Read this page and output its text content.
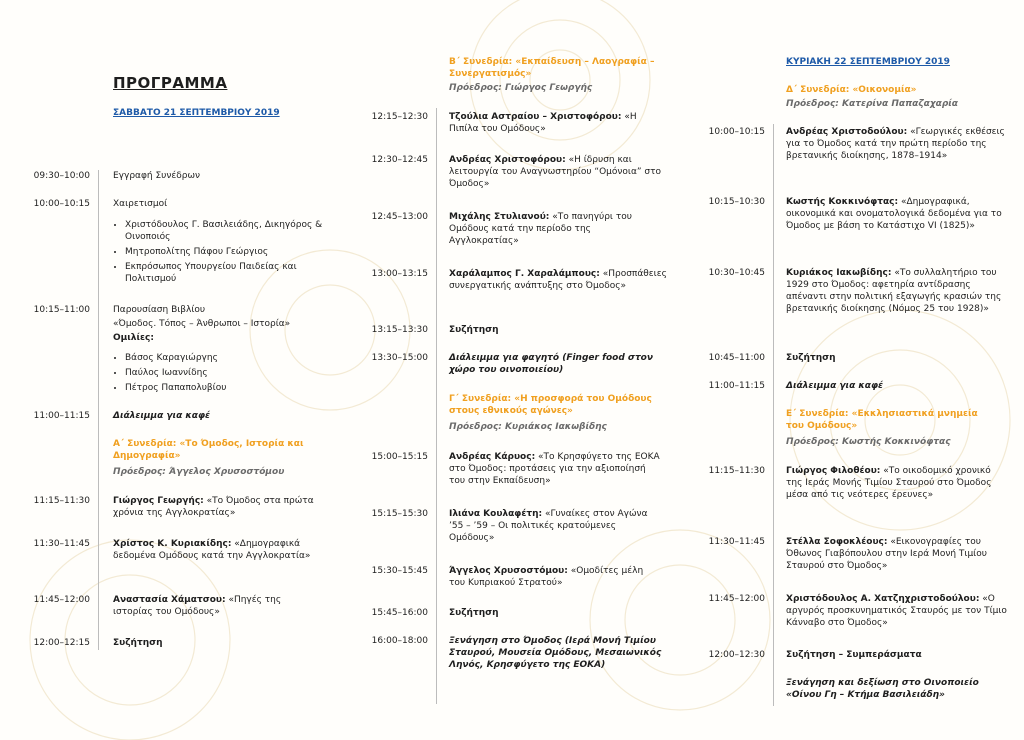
ΠΡΟΓΡΑΜΜΑ
ΣΑΒΒΑΤΟ 21 ΣΕΠΤΕΜΒΡΙΟΥ 2019
09:30–10:00	Εγγραφή Συνέδρων
10:00–10:15	Χαιρετισμοί
• Χριστόδουλος Γ. Βασιλειάδης, Δικηγόρος & Οινοποιός
• Μητροπολίτης Πάφου Γεώργιος
• Εκπρόσωπος Υπουργείου Παιδείας και Πολιτισμού
10:15–11:00	Παρουσίαση Βιβλίου
«Όμοδος. Τόπος – Άνθρωποι – Ιστορία»
Ομιλίες:
• Βάσος Καραγιώργης
• Παύλος Ιωαννίδης
• Πέτρος Παπαπολυβίου
11:00–11:15	Διάλειμμα για καφέ
Α΄ Συνεδρία: «Το Όμοδος, Ιστορία και Δημογραφία»
Πρόεδρος: Άγγελος Χρυσοστόμου
11:15–11:30	Γιώργος Γεωργής: «Το Όμοδος στα πρώτα χρόνια της Αγγλοκρατίας»
11:30–11:45	Χρίστος Κ. Κυριακίδης: «Δημογραφικά δεδομένα Ομόδους κατά την Αγγλοκρατία»
11:45–12:00	Αναστασία Χάματσου: «Πηγές της ιστορίας του Ομόδους»
12:00–12:15	Συζήτηση
Β΄ Συνεδρία: «Εκπαίδευση – Λαογραφία – Συνεργατισμός»
Πρόεδρος: Γιώργος Γεωργής
12:15–12:30 Τζούλια Αστραίου – Χριστοφόρου: «Η Πιπίλα του Ομόδους»
12:30–12:45 Ανδρέας Χριστοφόρου: «Η ίδρυση και λειτουργία του Αναγνωστηρίου “Ομόνοια” στο Όμοδος»
12:45–13:00 Μιχάλης Στυλιανού: «Το πανηγύρι του Ομόδους κατά την περίοδο της Αγγλοκρατίας»
13:00–13:15 Χαράλαμπος Γ. Χαραλάμπους: «Προσπάθειες συνεργατικής ανάπτυξης στο Όμοδος»
13:15–13:30 Συζήτηση
13:30–15:00 Διάλειμμα για φαγητό (Finger food στον χώρο του οινοποιείου)
Γ΄ Συνεδρία: «Η προσφορά του Ομόδους στους εθνικούς αγώνες»
Πρόεδρος: Κυριάκος Ιακωβίδης
15:00–15:15 Ανδρέας Κάρυος: «Το Κρησφύγετο της ΕΟΚΑ στο Όμοδος: προτάσεις για την αξιοποίησή του στην Εκπαίδευση»
15:15–15:30 Ιλιάνα Κουλαφέτη: «Γυναίκες στον Αγώνα ’55 – ’59 – Οι πολιτικές κρατούμενες Ομόδους»
15:30–15:45 Άγγελος Χρυσοστόμου: «Ομοδίτες μέλη του Κυπριακού Στρατού»
15:45–16:00 Συζήτηση
16:00–18:00 Ξενάγηση στο Όμοδος (Ιερά Μονή Τιμίου Σταυρού, Μουσεία Ομόδους, Μεσαιωνικός Ληνός, Κρησφύγετο της ΕΟΚΑ)
ΚΥΡΙΑΚΗ 22 ΣΕΠΤΕΜΒΡΙΟΥ 2019
Δ΄ Συνεδρία: «Οικονομία»
Πρόεδρος: Κατερίνα Παπαζαχαρία
10:00–10:15 Ανδρέας Χριστοδούλου: «Γεωργικές εκθέσεις για το Όμοδος κατά την πρώτη περίοδο της βρετανικής διοίκησης, 1878–1914»
10:15–10:30 Κωστής Κοκκινόφτας: «Δημογραφικά, οικονομικά και ονοματολογικά δεδομένα για το Όμοδος με βάση το Κατάστιχο VI (1825)»
10:30–10:45 Κυριάκος Ιακωβίδης: «Το συλλαλητήριο του 1929 στο Όμοδος: αφετηρία αντίδρασης απέναντι στην πολιτική εξαγωγής κρασιών της βρετανικής διοίκησης (Νόμος 25 του 1928)»
10:45–11:00 Συζήτηση
11:00–11:15 Διάλειμμα για καφέ
Ε΄ Συνεδρία: «Εκκλησιαστικά μνημεία του Ομόδους»
Πρόεδρος: Κωστής Κοκκινόφτας
11:15–11:30 Γιώργος Φιλοθέου: «Το οικοδομικό χρονικό της Ιεράς Μονής Τιμίου Σταυρού στο Όμοδος μέσα από τις νεότερες έρευνες»
11:30–11:45 Στέλλα Σοφοκλέους: «Εικονογραφίες του Όθωνος Γιαβόπουλου στην Ιερά Μονή Τιμίου Σταυρού στο Όμοδος»
11:45–12:00 Χριστόδουλος Α. Χατζηχριστοδούλου: «Ο αργυρός προσκυνηματικός Σταυρός με τον Τίμιο Κάνναβο στο Όμοδος»
12:00–12:30 Συζήτηση – Συμπεράσματα
Ξενάγηση και δεξίωση στο Οινοποιείο «Οίνου Γη – Κτήμα Βασιλειάδη»
